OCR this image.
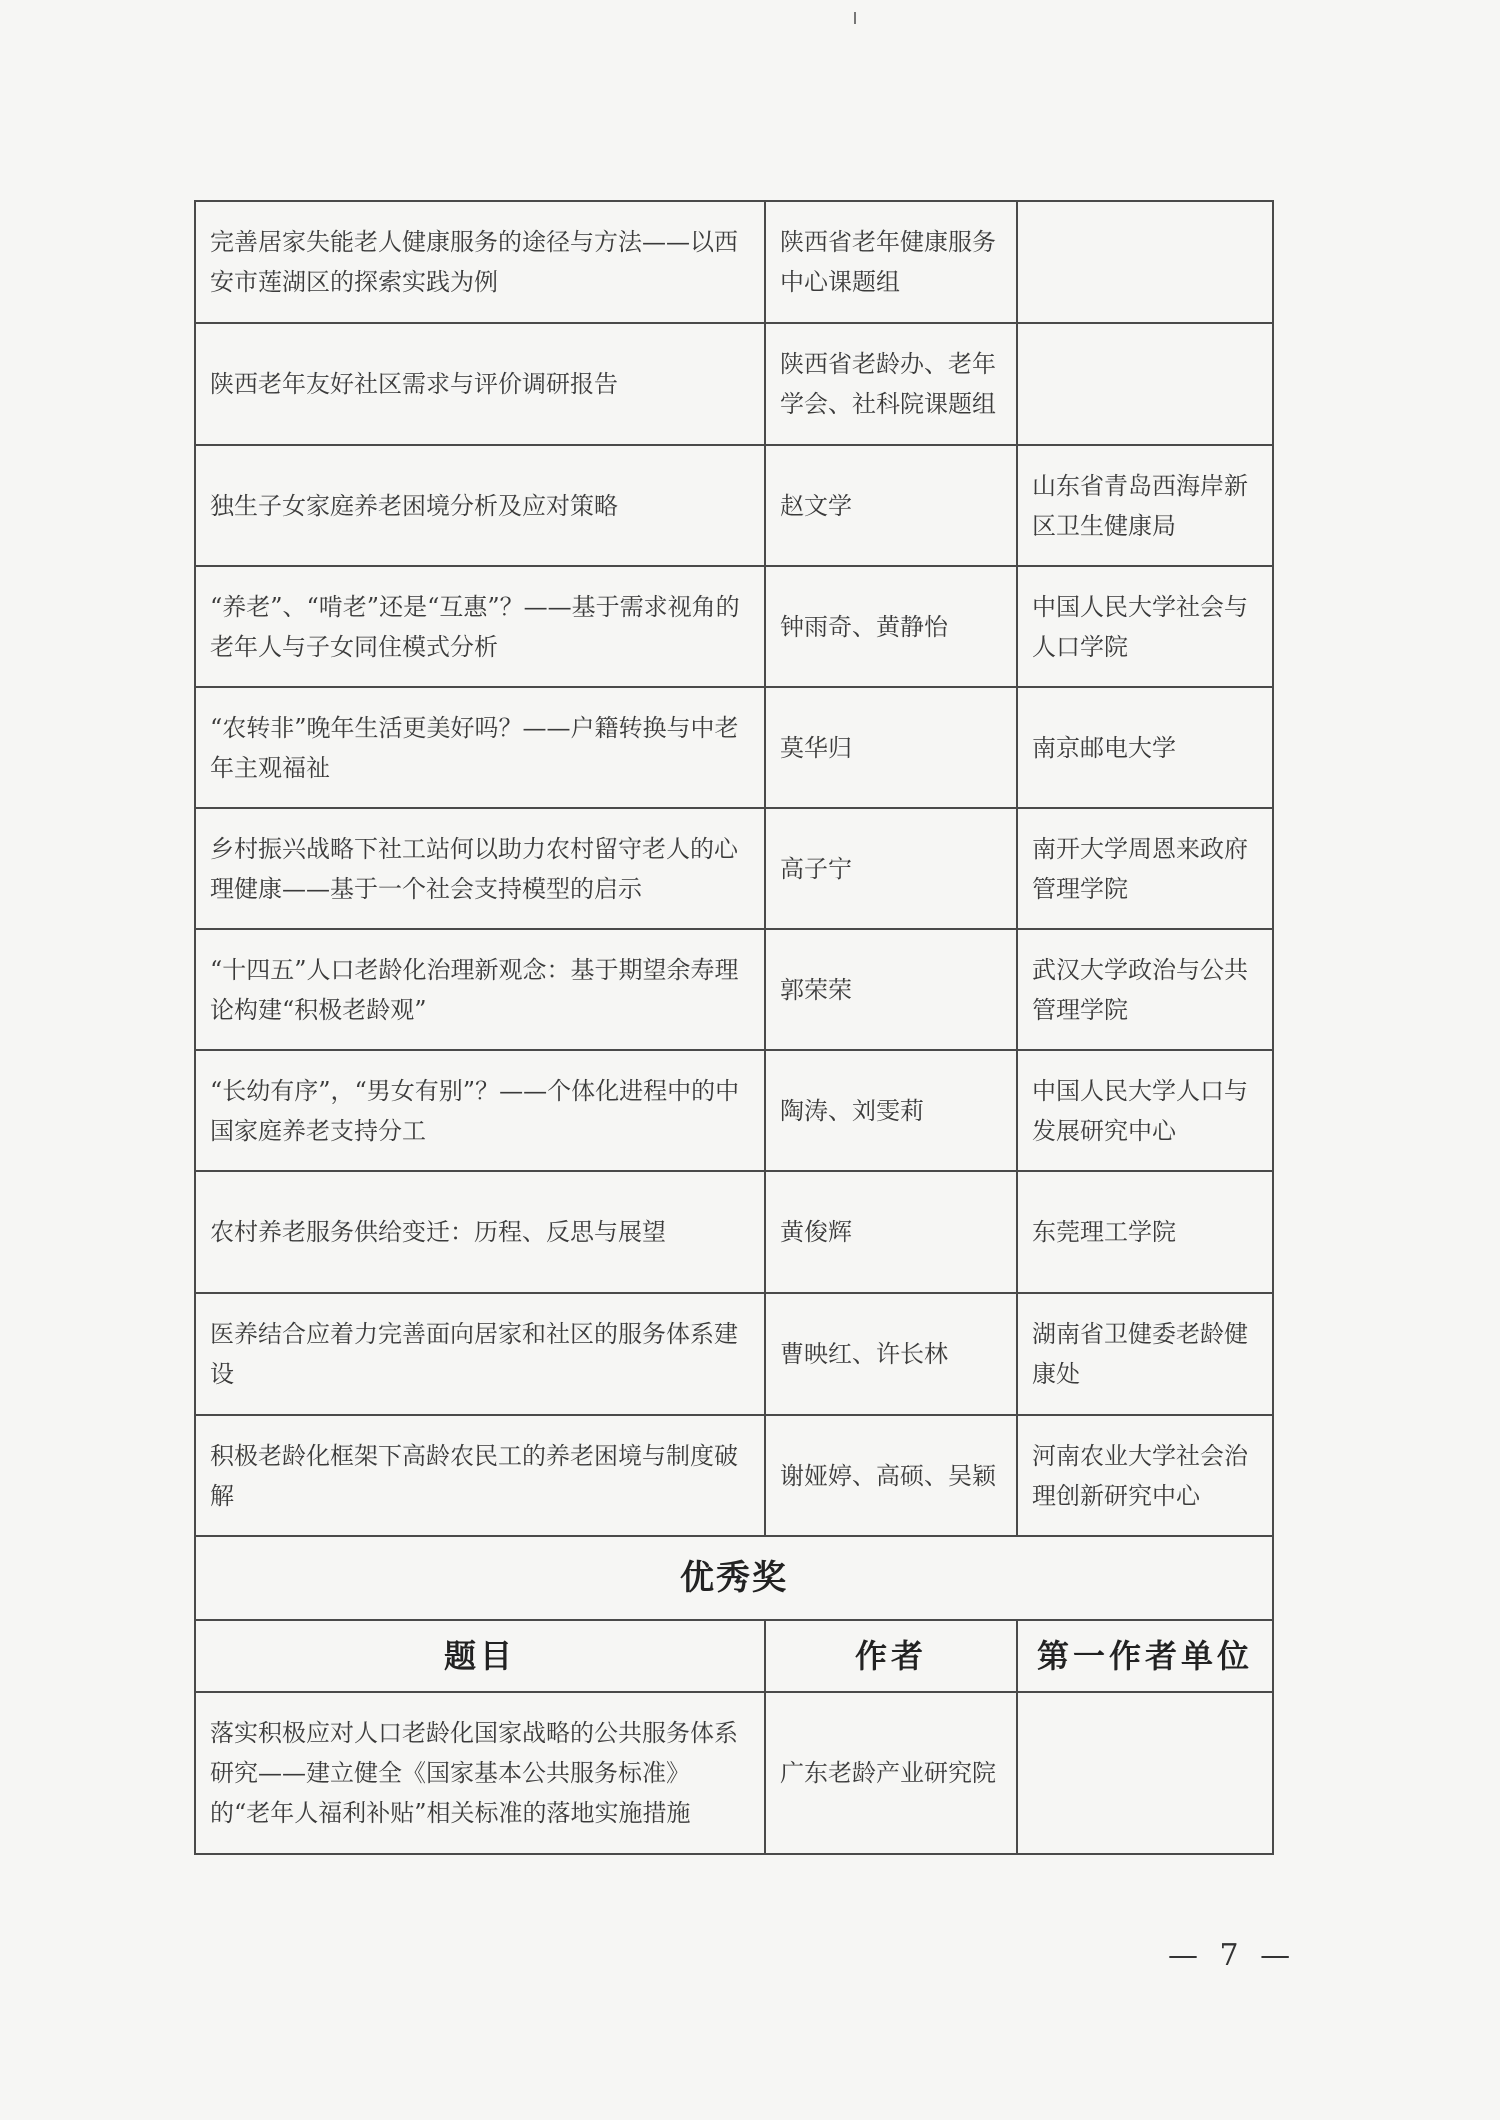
完善居家失能老人健康服务的途径与方法——以西安市莲湖区的探索实践为例	陕西省老年健康服务中心课题组	
陕西老年友好社区需求与评价调研报告	陕西省老龄办、老年学会、社科院课题组	
独生子女家庭养老困境分析及应对策略	赵文学	山东省青岛西海岸新区卫生健康局
“养老”、“啃老”还是“互惠”？——基于需求视角的老年人与子女同住模式分析	钟雨奇、黄静怡	中国人民大学社会与人口学院
“农转非”晚年生活更美好吗？——户籍转换与中老年主观福祉	莫华归	南京邮电大学
乡村振兴战略下社工站何以助力农村留守老人的心理健康——基于一个社会支持模型的启示	高子宁	南开大学周恩来政府管理学院
“十四五”人口老龄化治理新观念：基于期望余寿理论构建“积极老龄观”	郭荣荣	武汉大学政治与公共管理学院
“长幼有序”，“男女有别”？——个体化进程中的中国家庭养老支持分工	陶涛、刘雯莉	中国人民大学人口与发展研究中心
农村养老服务供给变迁：历程、反思与展望	黄俊辉	东莞理工学院
医养结合应着力完善面向居家和社区的服务体系建设	曹映红、许长林	湖南省卫健委老龄健康处
积极老龄化框架下高龄农民工的养老困境与制度破解	谢娅婷、高硕、吴颖	河南农业大学社会治理创新研究中心
优秀奖		
题目	作者	第一作者单位
落实积极应对人口老龄化国家战略的公共服务体系研究——建立健全《国家基本公共服务标准》的“老年人福利补贴”相关标准的落地实施措施	广东老龄产业研究院	
— 7 —
